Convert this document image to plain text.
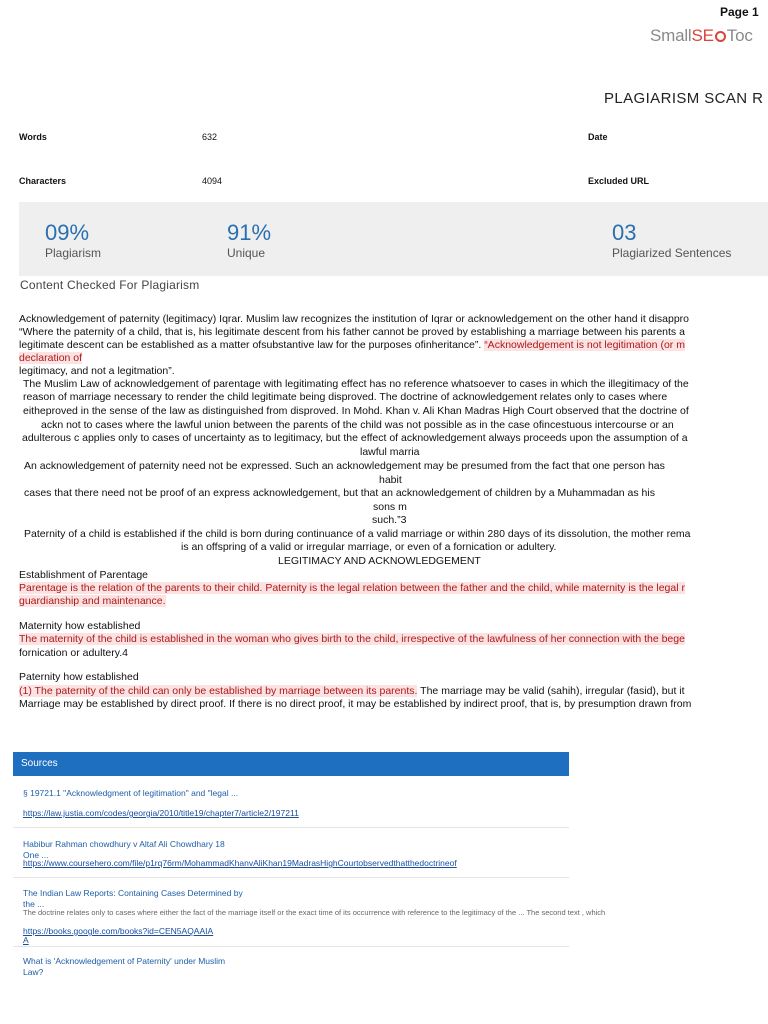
Page 1
SmallSE Toc
PLAGIARISM SCAN R
Words	632	Date
Characters	4094	Excluded URL
09%
Plagiarism
91%
Unique
03
Plagiarized Sentences
Content Checked For Plagiarism
Acknowledgement of paternity (legitimacy) Iqrar. Muslim law recognizes the institution of Iqrar or acknowledgement on the other hand it disappro
“Where the paternity of a child, that is, his legitimate descent from his father cannot be proved by establishing a marriage between his parents a
legitimate descent can be established as a matter ofsubstantive law for the purposes ofinheritance”. “Acknowledgement is not legitimation (or m
declaration of
legitimacy, and not a legitmation”.
The Muslim Law of acknowledgement of parentage with legitimating effect has no reference whatsoever to cases in which the illegitimacy of the
reason of marriage necessary to render the child legitimate being disproved. The doctrine of acknowledgement relates only to cases where
eitheproved in the sense of the law as distinguished from disproved. In Mohd. Khan v. Ali Khan Madras High Court observed that the doctrine of
ackn not to cases where the lawful union between the parents of the child was not possible as in the case ofincestuous intercourse or an
adulterous c applies only to cases of uncertainty as to legitimacy, but the effect of acknowledgement always proceeds upon the assumption of a
lawful marria
An acknowledgement of paternity need not be expressed. Such an acknowledgement may be presumed from the fact that one person has
habit
cases that there need not be proof of an express acknowledgement, but that an acknowledgement of children by a Muhammadan as his
sons m
such.”3
Paternity of a child is established if the child is born during continuance of a valid marriage or within 280 days of its dissolution, the mother rema
is an offspring of a valid or irregular marriage, or even of a fornication or adultery.
LEGITIMACY AND ACKNOWLEDGEMENT
Establishment of Parentage
Parentage is the relation of the parents to their child. Paternity is the legal relation between the father and the child, while maternity is the legal r
guardianship and maintenance.
Maternity how established
The maternity of the child is established in the woman who gives birth to the child, irrespective of the lawfulness of her connection with the bege
fornication or adultery.4
Paternity how established
(1) The paternity of the child can only be established by marriage between its parents. The marriage may be valid (sahih), irregular (fasid), but it
Marriage may be established by direct proof. If there is no direct proof, it may be established by indirect proof, that is, by presumption drawn from
Sources
§ 19721.1 "Acknowledgment of legitimation" and "legal ...
https://law.justia.com/codes/georgia/2010/title19/chapter7/article2/197211
Habibur Rahman chowdhury v Altaf Ali Chowdhary 18
One ...
https://www.coursehero.com/file/p1rq76rm/MohammadKhanvAliKhan19MadrasHighCourtobservedthatthedoctrineof
The Indian Law Reports: Containing Cases Determined by
the ...
The doctrine relates only to cases where either the fact of the marriage itself or the exact time of its occurrence with reference to the legitimacy of the ... The second text , which
https://books.google.com/books?id=CEN5AQAAIA
A
What is 'Acknowledgement of Paternity' under Muslim
Law?
